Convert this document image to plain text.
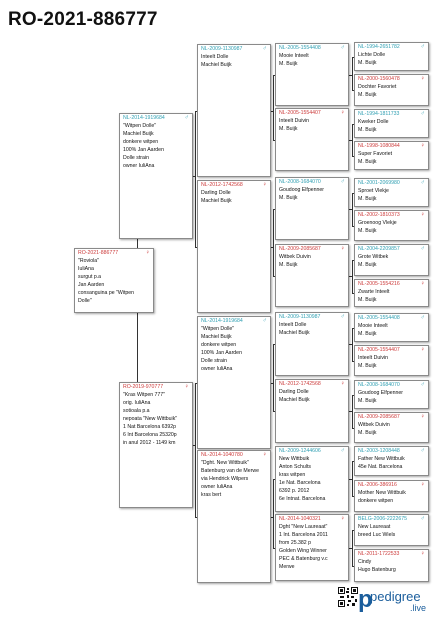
RO-2021-886777
RO-2021-886777	♀
"Roviola"
IuliAna
surgut p.a
Jan Aarden
consanguina pe "Witpen
Dolle"
NL-2014-1919684	♂
"Witpen Dolle"
Machiel Buijk
donkere witpen
100% Jan Aarden
Dolle strain
owner IuliAna
RO-2019-970777	♀
"Kras Witpen 777"
orig. IuliAna
sotioala p.a
nepoata "New Wittbuik"
1 Nat Barcelona 6392p
6 Int Barcelona 25320p
in anul 2012 - 1149 km
NL-2009-1130987	♂
Inteelt Dolle
Machiel Buijk
NL-2012-1742568	♀
Darling Dolle
Machiel Buijk
NL-2014-1919684	♂
"Witpen Dolle"
Machiel Buijk
donkere witpen
100% Jan Aarden
Dolle strain
owner IuliAna
NL-2014-1040780	♀
"Dght. New Wittbuik"
Batenburg van de Merwe
via Hendrick Wilpers
owner IuliAna
kras bert
NL-2005-1554408	♂
Mooie Inteelt
M. Buijk
NL-2005-1554407	♀
Inteelt Duivin
M. Buijk
NL-2008-1684070	♂
Goudoog Elfpenner
M. Buijk
NL-2009-2085687	♀
Witbek Duivin
M. Buijk
NL-2009-1130987	♂
Inteelt Dolle
Machiel Buijk
NL-2012-1742568	♀
Darling Dolle
Machiel Buijk
NL-2009-1244606	♂
New Wittbuik
Anton Schults
kras witpen
1e Nat. Barcelona
6392 p. 2012
6e Intnat. Barcelona
NL-2014-1040321	♀
Dght "New Laureaat"
1 Int. Barcelona 2011
from 25.382 p
Golden Wing Winner
PEC & Batenburg v.c
Merwe
NL-1994-2651782	♂
Lichte Dolle
M. Buijk
NL-2000-1560478	♀
Dochter Favoriet
M. Buijk
NL-1994-1811733	♂
Kweker Dolle
M. Buijk
NL-1998-1080844	♀
Super Favoriet
M. Buijk
NL-2001-2069980	♂
Sproet Vlekje
M. Buijk
NL-2002-1810373	♀
Groenoog Vlekje
M. Buijk
NL-2004-2209857	♂
Grote Witbek
M. Buijk
NL-2005-1554216	♀
Zwarte Inteelt
M. Buijk
NL-2005-1554408	♂
Mooie Inteelt
M. Buijk
NL-2005-1554407	♀
Inteelt Duivin
M. Buijk
NL-2008-1684070	♂
Goudoog Elfpenner
M. Buijk
NL-2009-2085687	♀
Witbek Duivin
M. Buijk
NL-2003-1208448	♂
Father New Wittbuik
45e Nat. Barcelona
NL-2006-386916	♀
Mother New Wittbuik
donkere witpen
BELG-2006-2222675	♂
New Laureaat
breed Luc Wiels
NL-2011-1722533	♀
Cindy
Hugo Batenburg
p
pedigree
.live
